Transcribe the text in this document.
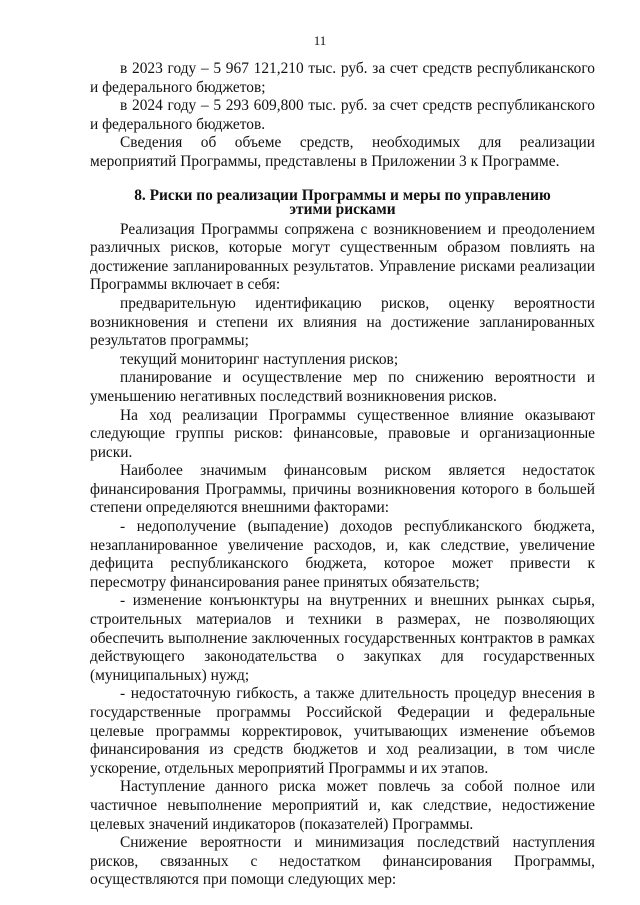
11

в 2023 году – 5 967 121,210 тыс. руб. за счет средств республиканского и федерального бюджетов;

в 2024 году – 5 293 609,800 тыс. руб. за счет средств республиканского и федерального бюджетов.

Сведения об объеме средств, необходимых для реализации мероприятий Программы, представлены в Приложении 3 к Программе.

8. Риски по реализации Программы и меры по управлению этими рисками

Реализация Программы сопряжена с возникновением и преодолением различных рисков, которые могут существенным образом повлиять на достижение запланированных результатов. Управление рисками реализации Программы включает в себя:

предварительную идентификацию рисков, оценку вероятности возникновения и степени их влияния на достижение запланированных результатов программы;

текущий мониторинг наступления рисков;

планирование и осуществление мер по снижению вероятности и уменьшению негативных последствий возникновения рисков.

На ход реализации Программы существенное влияние оказывают следующие группы рисков: финансовые, правовые и организационные риски.

Наиболее значимым финансовым риском является недостаток финансирования Программы, причины возникновения которого в большей степени определяются внешними факторами:

- недополучение (выпадение) доходов республиканского бюджета, незапланированное увеличение расходов, и, как следствие, увеличение дефицита республиканского бюджета, которое может привести к пересмотру финансирования ранее принятых обязательств;

- изменение конъюнктуры на внутренних и внешних рынках сырья, строительных материалов и техники в размерах, не позволяющих обеспечить выполнение заключенных государственных контрактов в рамках действующего законодательства о закупках для государственных (муниципальных) нужд;

- недостаточную гибкость, а также длительность процедур внесения в государственные программы Российской Федерации и федеральные целевые программы корректировок, учитывающих изменение объемов финансирования из средств бюджетов и ход реализации, в том числе ускорение, отдельных мероприятий Программы и их этапов.

Наступление данного риска может повлечь за собой полное или частичное невыполнение мероприятий и, как следствие, недостижение целевых значений индикаторов (показателей) Программы.

Снижение вероятности и минимизация последствий наступления рисков, связанных с недостатком финансирования Программы, осуществляются при помощи следующих мер:
